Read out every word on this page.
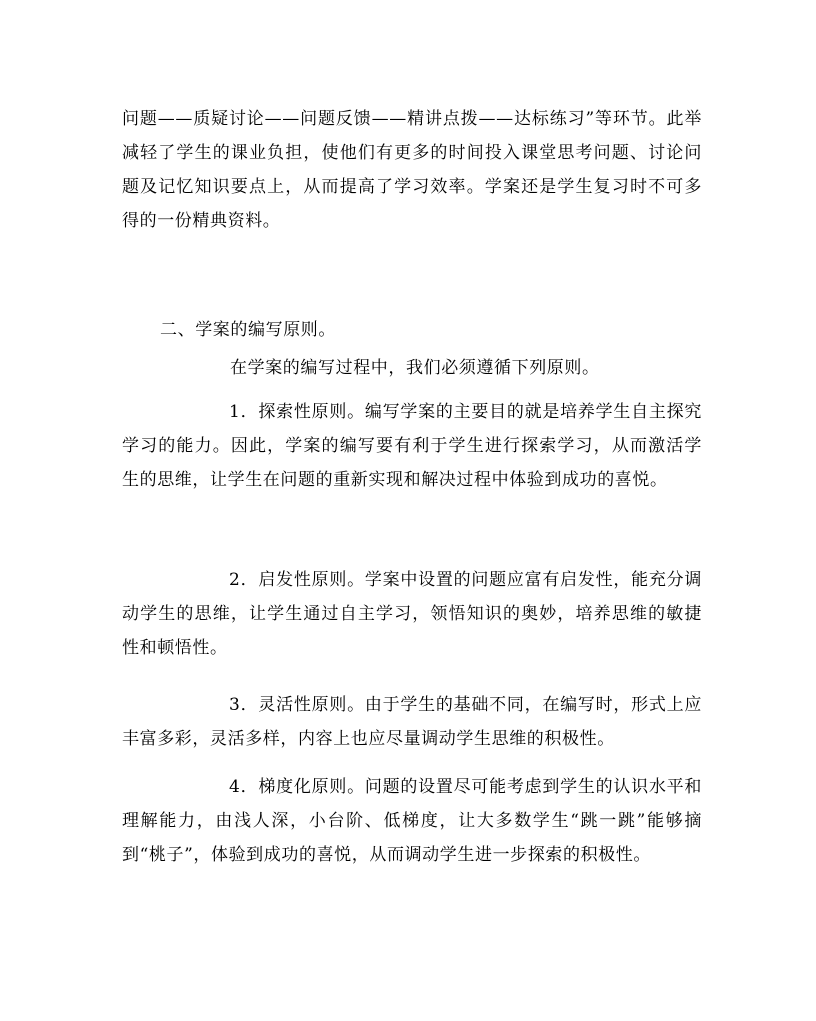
问题——质疑讨论——问题反馈——精讲点拨——达标练习”等环节。此举减轻了学生的课业负担，使他们有更多的时间投入课堂思考问题、讨论问题及记忆知识要点上，从而提高了学习效率。学案还是学生复习时不可多得的一份精典资料。

二、学案的编写原则。
在学案的编写过程中，我们必须遵循下列原则。

1．探索性原则。编写学案的主要目的就是培养学生自主探究学习的能力。因此，学案的编写要有利于学生进行探索学习，从而激活学生的思维，让学生在问题的重新实现和解决过程中体验到成功的喜悦。

2．启发性原则。学案中设置的问题应富有启发性，能充分调动学生的思维，让学生通过自主学习，领悟知识的奥妙，培养思维的敏捷性和顿悟性。

3．灵活性原则。由于学生的基础不同，在编写时，形式上应丰富多彩，灵活多样，内容上也应尽量调动学生思维的积极性。

4．梯度化原则。问题的设置尽可能考虑到学生的认识水平和理解能力，由浅人深，小台阶、低梯度，让大多数学生“跳一跳”能够摘到“桃子”，体验到成功的喜悦，从而调动学生进一步探索的积极性。
